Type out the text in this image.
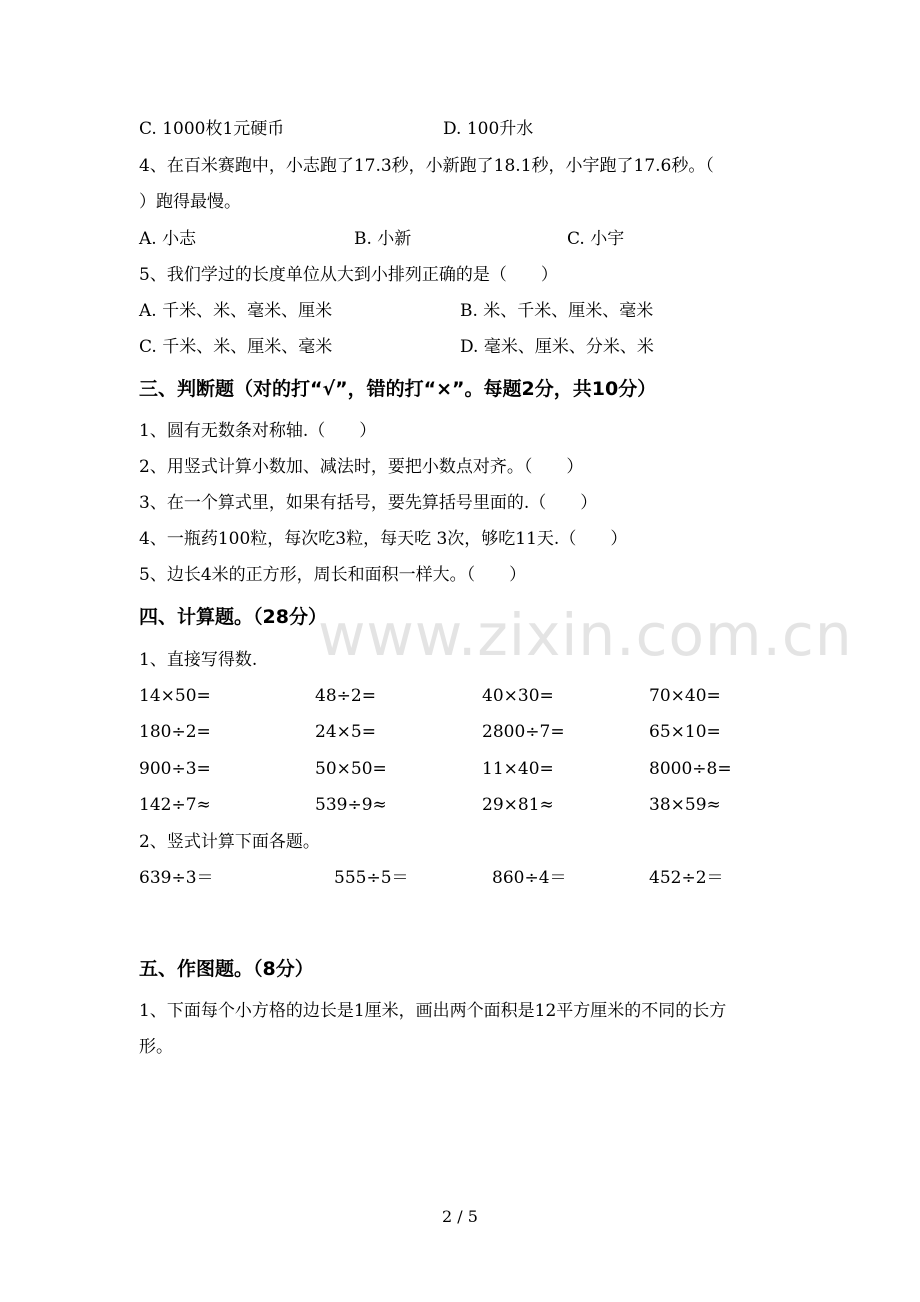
www.zixin.com.cn
C. 1000枚1元硬币	D. 100升水
4、在百米赛跑中，小志跑了17.3秒，小新跑了18.1秒，小宇跑了17.6秒。（
）跑得最慢。
A. 小志	B. 小新	C. 小宇
5、我们学过的长度单位从大到小排列正确的是（　　）
A. 千米、米、毫米、厘米	B. 米、千米、厘米、毫米
C. 千米、米、厘米、毫米	D. 毫米、厘米、分米、米
三、判断题（对的打“√”，错的打“×”。每题2分，共10分）
1、圆有无数条对称轴.（　　）
2、用竖式计算小数加、减法时，要把小数点对齐。（　　）
3、在一个算式里，如果有括号，要先算括号里面的.（　　）
4、一瓶药100粒，每次吃3粒，每天吃 3次，够吃11天.（　　）
5、边长4米的正方形，周长和面积一样大。（　　）
四、计算题。（28分）
1、直接写得数.
14×50=	48÷2=	40×30=	70×40=
180÷2=	24×5=	2800÷7=	65×10=
900÷3=	50×50=	11×40=	8000÷8=
142÷7≈	539÷9≈	29×81≈	38×59≈
2、竖式计算下面各题。
639÷3＝	555÷5＝	860÷4＝	452÷2＝
五、作图题。（8分）
1、下面每个小方格的边长是1厘米，画出两个面积是12平方厘米的不同的长方
形。
2 / 5
